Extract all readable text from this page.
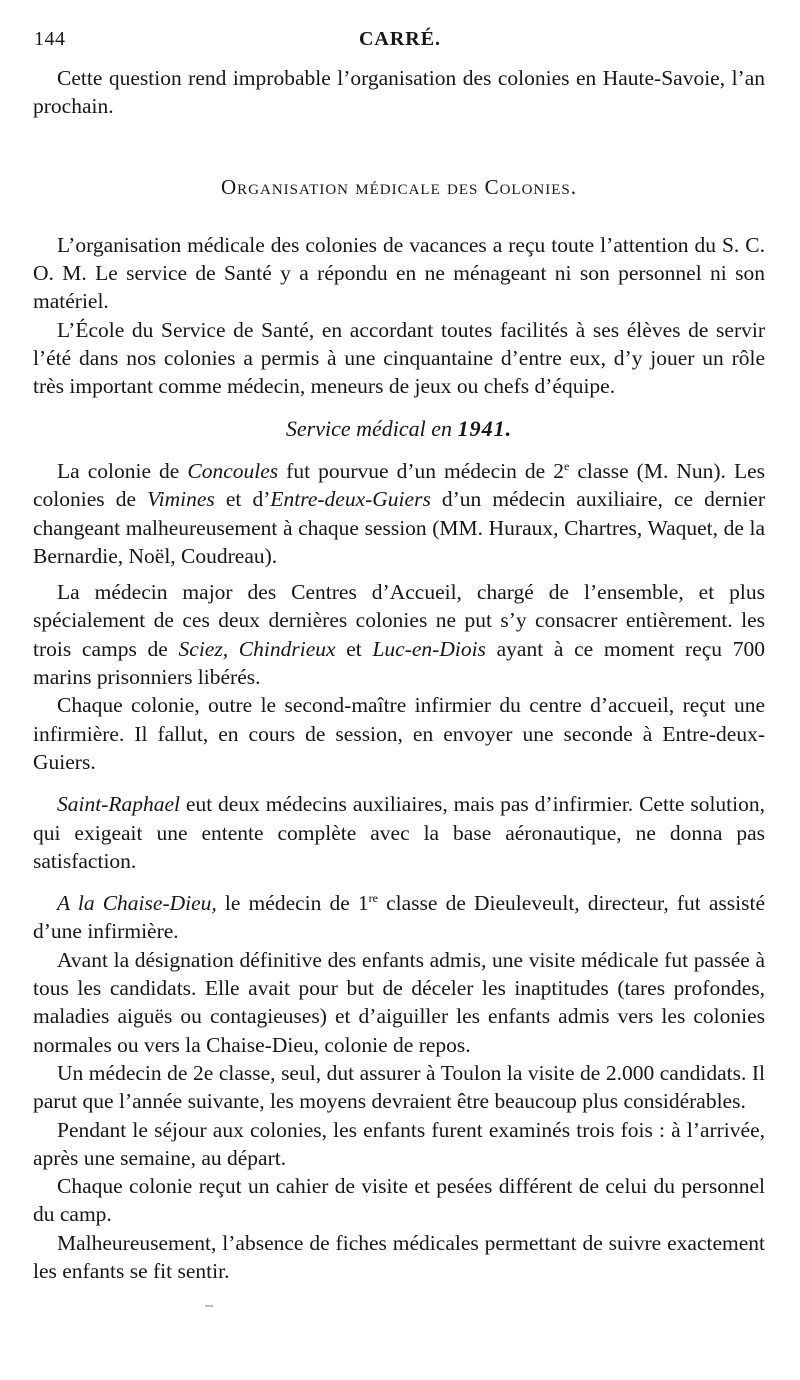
144	CARRÉ.

Cette question rend improbable l’organisation des colonies en Haute-Savoie, l’an prochain.

Organisation médicale des Colonies.

L’organisation médicale des colonies de vacances a reçu toute l’attention du S. C. O. M. Le service de Santé y a répondu en ne ménageant ni son personnel ni son matériel.

L’École du Service de Santé, en accordant toutes facilités à ses élèves de servir l’été dans nos colonies a permis à une cinquantaine d’entre eux, d’y jouer un rôle très important comme médecin, meneurs de jeux ou chefs d’équipe.

Service médical en 1941.

La colonie de Concoules fut pourvue d’un médecin de 2e classe (M. Nun). Les colonies de Vimines et d’Entre-deux-Guiers d’un médecin auxiliaire, ce dernier changeant malheureusement à chaque session (MM. Huraux, Chartres, Waquet, de la Bernardie, Noël, Coudreau).

La médecin major des Centres d’Accueil, chargé de l’ensemble, et plus spécialement de ces deux dernières colonies ne put s’y consacrer entièrement. les trois camps de Sciez, Chindrieux et Luc-en-Diois ayant à ce moment reçu 700 marins prisonniers libérés.

Chaque colonie, outre le second-maître infirmier du centre d’accueil, reçut une infirmière. Il fallut, en cours de session, en envoyer une seconde à Entre-deux-Guiers.

Saint-Raphael eut deux médecins auxiliaires, mais pas d’infirmier. Cette solution, qui exigeait une entente complète avec la base aéronautique, ne donna pas satisfaction.

A la Chaise-Dieu, le médecin de 1re classe de Dieuleveult, directeur, fut assisté d’une infirmière.

Avant la désignation définitive des enfants admis, une visite médicale fut passée à tous les candidats. Elle avait pour but de déceler les inaptitudes (tares profondes, maladies aiguës ou contagieuses) et d’aiguiller les enfants admis vers les colonies normales ou vers la Chaise-Dieu, colonie de repos.

Un médecin de 2e classe, seul, dut assurer à Toulon la visite de 2.000 candidats. Il parut que l’année suivante, les moyens devraient être beaucoup plus considérables.

Pendant le séjour aux colonies, les enfants furent examinés trois fois : à l’arrivée, après une semaine, au départ.

Chaque colonie reçut un cahier de visite et pesées différent de celui du personnel du camp.

Malheureusement, l’absence de fiches médicales permettant de suivre exactement les enfants se fit sentir.
